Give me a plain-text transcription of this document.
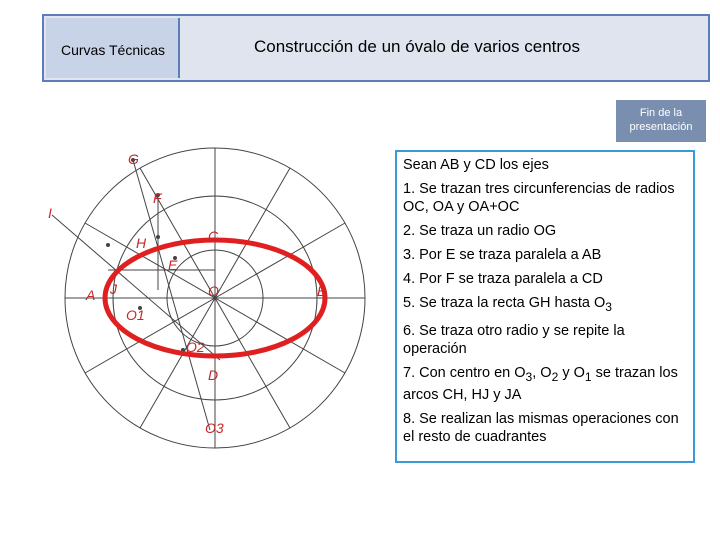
Curvas Técnicas	Construcción de un óvalo de varios centros
Fin de la presentación
G
F
I
H	C
E
A J	O	B
O1
O2
D
O3

Sean AB y CD los ejes

1. Se trazan tres circunferencias de radios OC, OA y OA+OC

2. Se traza un radio OG

3. Por E se traza paralela a AB

4. Por F se traza paralela a CD

5. Se traza la recta GH hasta $O_3$

6. Se traza otro radio y se repite la operación

7. Con centro en $O_3$, $O_2$ y $O_1$ se trazan los arcos CH, HJ y JA

8. Se realizan las mismas operaciones con el resto de cuadrantes
